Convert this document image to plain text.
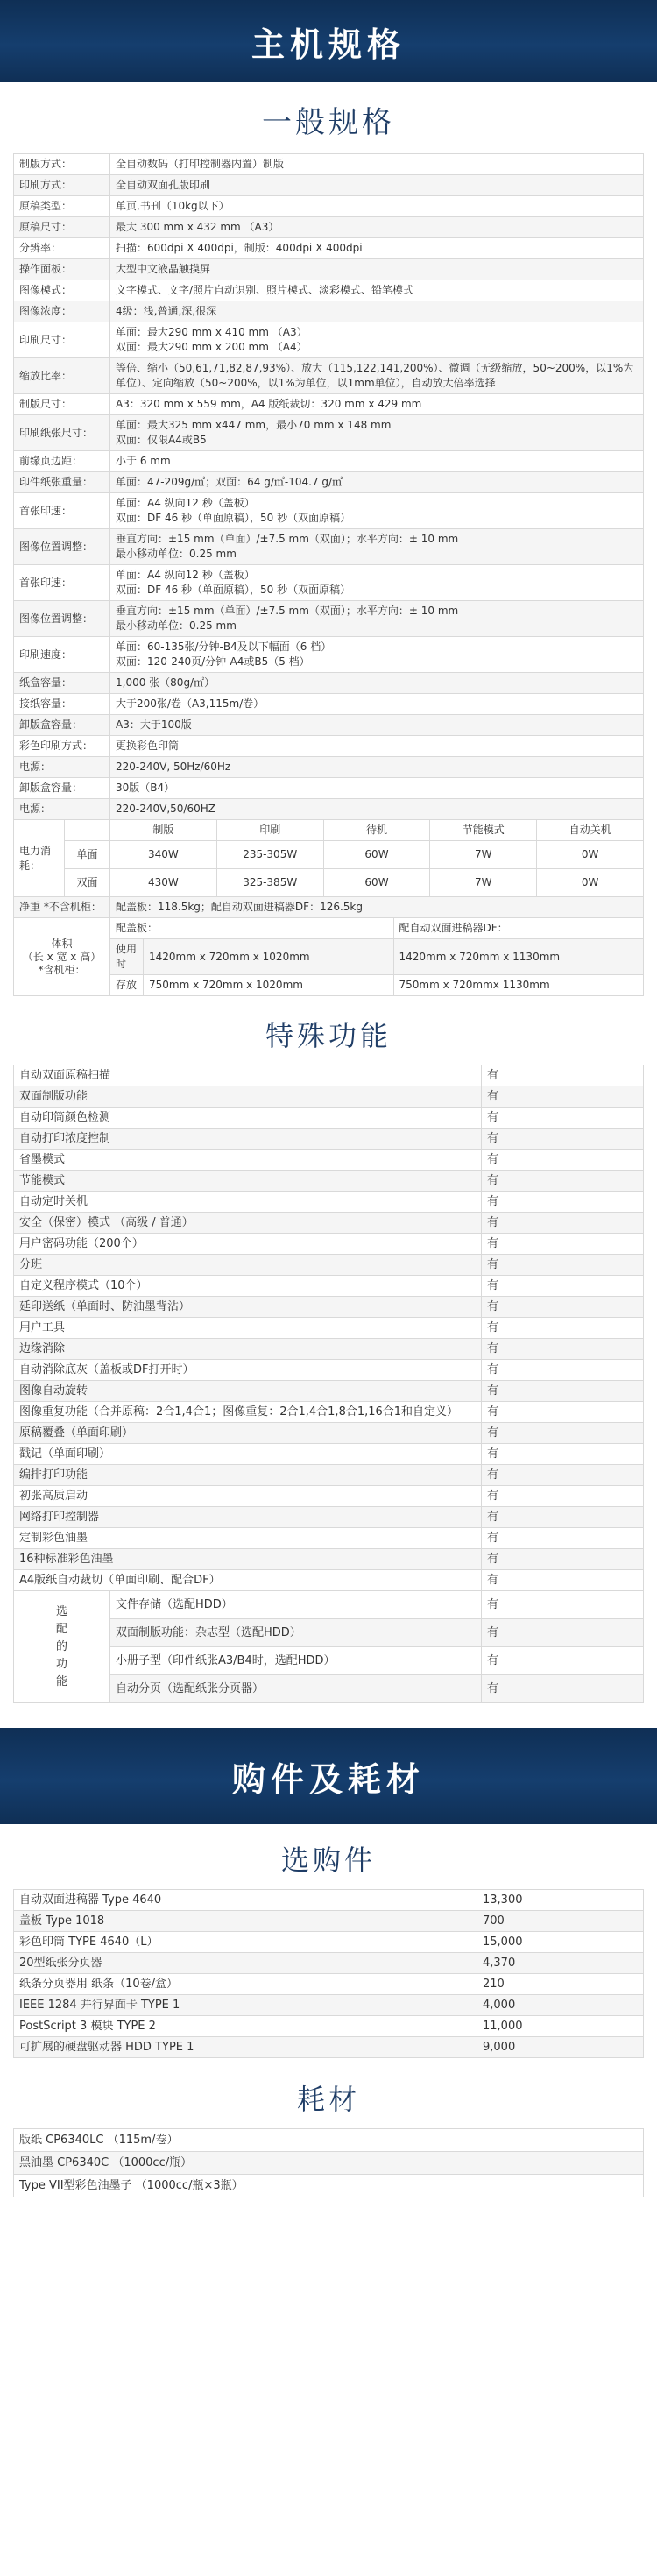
主机规格
一般规格
制版方式：	全自动数码（打印控制器内置）制版
印刷方式：	全自动双面孔版印刷
原稿类型：	单页,书刊（10kg以下）
原稿尺寸：	最大 300 mm x 432 mm （A3）
分辨率：	扫描：600dpi X 400dpi，制版：400dpi X 400dpi
操作面板：	大型中文液晶触摸屏
图像模式：	文字模式、文字/照片自动识别、照片模式、淡彩模式、铅笔模式
图像浓度：	4级：浅,普通,深,很深
印刷尺寸：	单面：最大290 mm x 410 mm （A3）
双面：最大290 mm x 200 mm （A4）
缩放比率：	等倍、缩小（50,61,71,82,87,93%）、放大（115,122,141,200%）、微调（无级缩放，50~200%，以1%为单位）、定向缩放（50~200%，以1%为单位，以1mm单位），自动放大倍率选择
制版尺寸：	A3：320 mm x 559 mm，A4 版纸裁切：320 mm x 429 mm
印刷纸张尺寸：	单面：最大325 mm x447 mm，最小70 mm x 148 mm
双面：仅限A4或B5
前缘页边距：	小于 6 mm
印件纸张重量：	单面：47-209g/㎡；双面：64 g/㎡-104.7 g/㎡
首张印速：	单面：A4 纵向12 秒（盖板）
双面：DF 46 秒（单面原稿），50 秒（双面原稿）
图像位置调整：	垂直方向：±15 mm（单面）/±7.5 mm（双面）；水平方向：± 10 mm
最小移动单位：0.25 mm
首张印速：	单面：A4 纵向12 秒（盖板）
双面：DF 46 秒（单面原稿），50 秒（双面原稿）
图像位置调整：	垂直方向：±15 mm（单面）/±7.5 mm（双面）；水平方向：± 10 mm
最小移动单位：0.25 mm
印刷速度：	单面：60-135张/分钟-B4及以下幅面（6 档）
双面：120-240页/分钟-A4或B5（5 档）
纸盒容量：	1,000 张（80g/㎡）
接纸容量：	大于200张/卷（A3,115m/卷）
卸版盒容量：	A3：大于100版
彩色印刷方式：	更换彩色印筒
电源：	220-240V, 50Hz/60Hz
卸版盒容量：	30版（B4）
电源：	220-240V,50/60HZ
电力消耗：		制版	印刷	待机	节能模式	自动关机
	单面	340W	235-305W	60W	7W	0W
	双面	430W	325-385W	60W	7W	0W
净重 *不含机柜：	配盖板：118.5kg；配自动双面进稿器DF：126.5kg
体积
（长 x 宽 x 高）
*含机柜：	配盖板：		配自动双面进稿器DF：
	使用时	1420mm x 720mm x 1020mm	1420mm x 720mm x 1130mm
	存放	750mm x 720mm x 1020mm	750mm x 720mmx 1130mm
特殊功能
自动双面原稿扫描	有
双面制版功能	有
自动印筒颜色检测	有
自动打印浓度控制	有
省墨模式	有
节能模式	有
自动定时关机	有
安全（保密）模式 （高级 / 普通）	有
用户密码功能（200个）	有
分班	有
自定义程序模式（10个）	有
延印送纸（单面时、防油墨背沾）	有
用户工具	有
边缘消除	有
自动消除底灰（盖板或DF打开时）	有
图像自动旋转	有
图像重复功能（合并原稿：2合1,4合1；图像重复：2合1,4合1,8合1,16合1和自定义）	有
原稿覆叠（单面印刷）	有
戳记（单面印刷）	有
编排打印功能	有
初张高质启动	有
网络打印控制器	有
定制彩色油墨	有
16种标准彩色油墨	有
A4版纸自动裁切（单面印刷、配合DF）	有
选
配
的
功
能	文件存储（选配HDD）	有
	双面制版功能：杂志型（选配HDD）	有
	小册子型（印件纸张A3/B4时，选配HDD）	有
	自动分页（选配纸张分页器）	有
购件及耗材
选购件
自动双面进稿器 Type 4640	13,300
盖板 Type 1018	700
彩色印筒 TYPE 4640（L）	15,000
20型纸张分页器	4,370
纸条分页器用 纸条（10卷/盒）	210
IEEE 1284 并行界面卡 TYPE 1	4,000
PostScript 3 模块 TYPE 2	11,000
可扩展的硬盘驱动器 HDD TYPE 1	9,000
耗材
版纸 CP6340LC （115m/卷）
黑油墨 CP6340C （1000cc/瓶）
Type VII型彩色油墨子 （1000cc/瓶×3瓶）
